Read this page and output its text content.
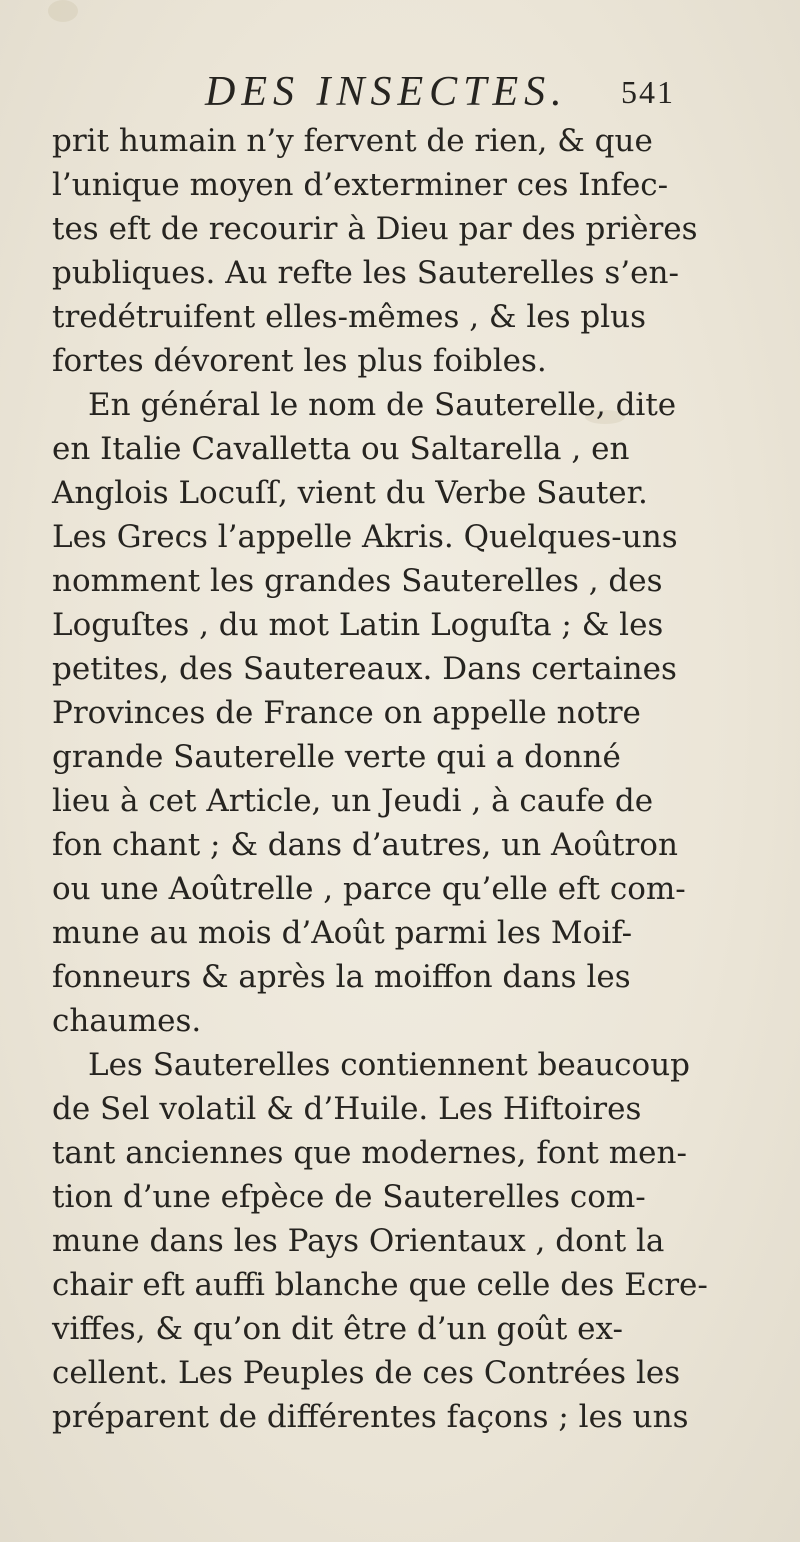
DES INSECTES. 541
prit humain n’y fervent de rien, & que
l’unique moyen d’exterminer ces Infec-
tes eft de recourir à Dieu par des prières
publiques. Au refte les Sauterelles s’en-
tredétruifent elles-mêmes , & les plus
fortes dévorent les plus foibles.
En général le nom de Sauterelle, dite
en Italie Cavalletta ou Saltarella , en
Anglois Locuſſ, vient du Verbe Sauter.
Les Grecs l’appelle Akris. Quelques-uns
nomment les grandes Sauterelles , des
Loguſtes , du mot Latin Loguſta ; & les
petites, des Sautereaux. Dans certaines
Provinces de France on appelle notre
grande Sauterelle verte qui a donné
lieu à cet Article, un Jeudi , à caufe de
fon chant ; & dans d’autres, un Aoûtron
ou une Aoûtrelle , parce qu’elle eft com-
mune au mois d’Août parmi les Moif-
fonneurs & après la moiffon dans les
chaumes.
Les Sauterelles contiennent beaucoup
de Sel volatil & d’Huile. Les Hiftoires
tant anciennes que modernes, font men-
tion d’une efpèce de Sauterelles com-
mune dans les Pays Orientaux , dont la
chair eft auffi blanche que celle des Ecre-
viffes, & qu’on dit être d’un goût ex-
cellent. Les Peuples de ces Contrées les
préparent de différentes façons ; les uns
